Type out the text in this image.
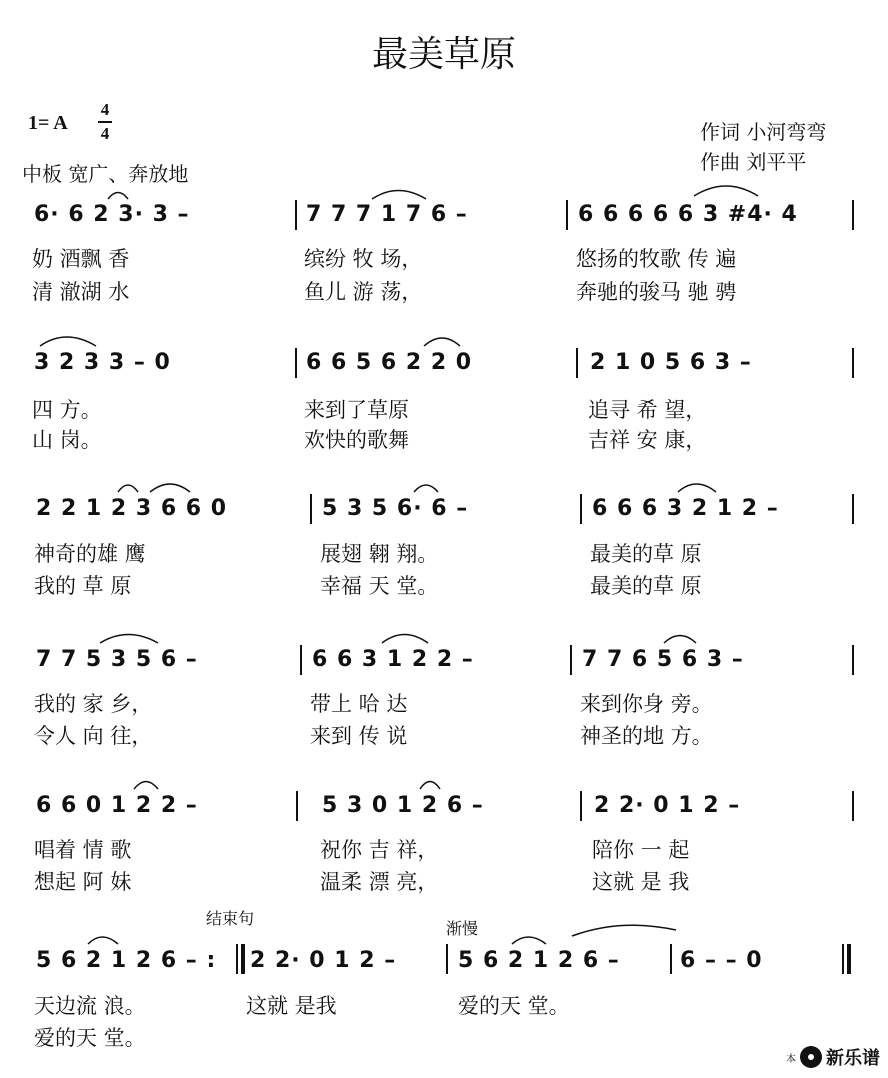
最美草原
1= A
4
4	作词 小河弯弯
作曲 刘平平
中板 宽广、奔放地
6· 6 2 3· 3 –	7 7 7 1 7 6 –	6 6 6 6 6 3 #4· 4
奶 酒飘 香	缤纷 牧 场，	悠扬的牧歌 传 遍
清 澈湖 水	鱼儿 游 荡，	奔驰的骏马 驰 骋
3 2 3 3 – 0	6 6 5 6 2 2 0	2 1 0 5 6 3 –
四 方。	来到了草原	追寻 希 望，
山 岗。	欢快的歌舞	吉祥 安 康，
2 2 1 2 3 6 6 0	5 3 5 6· 6 –	6 6 6 3 2 1 2 –
神奇的雄 鹰	展翅 翱 翔。	最美的草 原
我的 草 原	幸福 天 堂。	最美的草 原
7 7 5 3 5 6 –	6 6 3 1 2 2 –	7 7 6 5 6 3 –
我的 家 乡，	带上 哈 达	来到你身 旁。
令人 向 往，	来到 传 说	神圣的地 方。
6 6 0 1 2 2 –	5 3 0 1 2 6 –	2 2· 0 1 2 –
唱着 情 歌	祝你 吉 祥，	陪你 一 起
想起 阿 妹	温柔 漂 亮，	这就 是 我
结束句
渐慢
5 6 2 1 2 6 – : 2 2· 0 1 2 –	5 6 2 1 2 6 –	6 – – 0
天边流 浪。	这就 是我	爱的天 堂。
爱的天 堂。
本 新乐谱
